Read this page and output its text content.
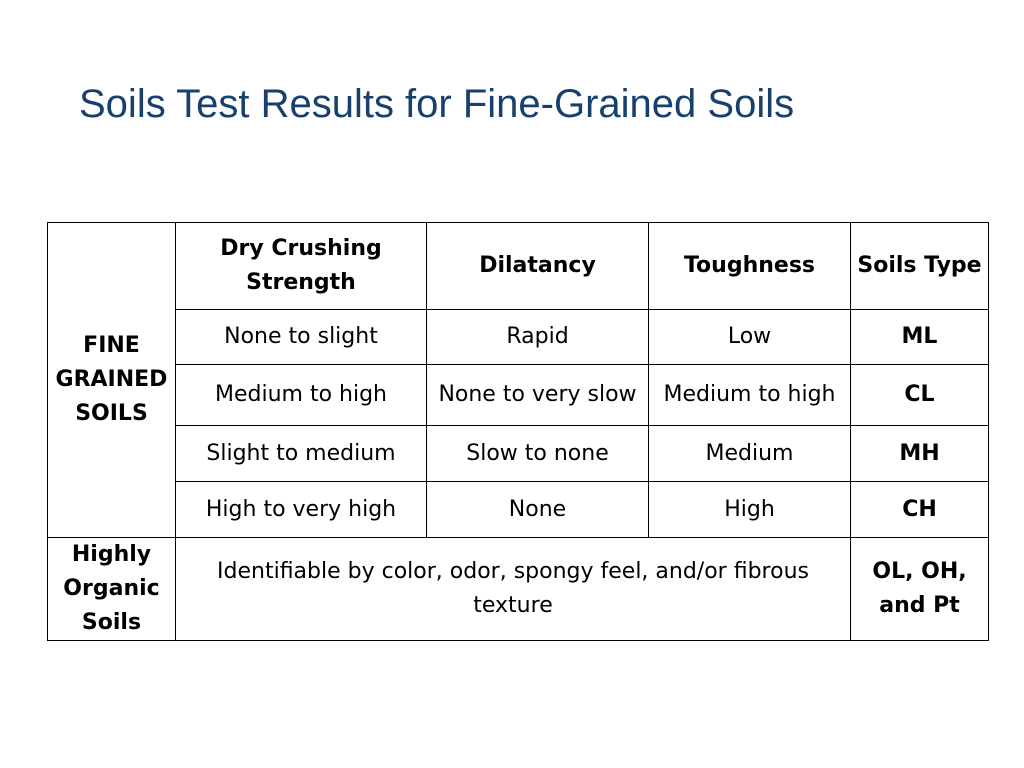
Soils Test Results for Fine-Grained Soils
FINE GRAINED SOILS	Dry Crushing Strength	Dilatancy	Toughness	Soils Type
	None to slight	Rapid	Low	ML
	Medium to high	None to very slow	Medium to high	CL
	Slight to medium	Slow to none	Medium	MH
	High to very high	None	High	CH
Highly Organic Soils	Identifiable by color, odor, spongy feel, and/or fibrous texture			OL, OH, and Pt
